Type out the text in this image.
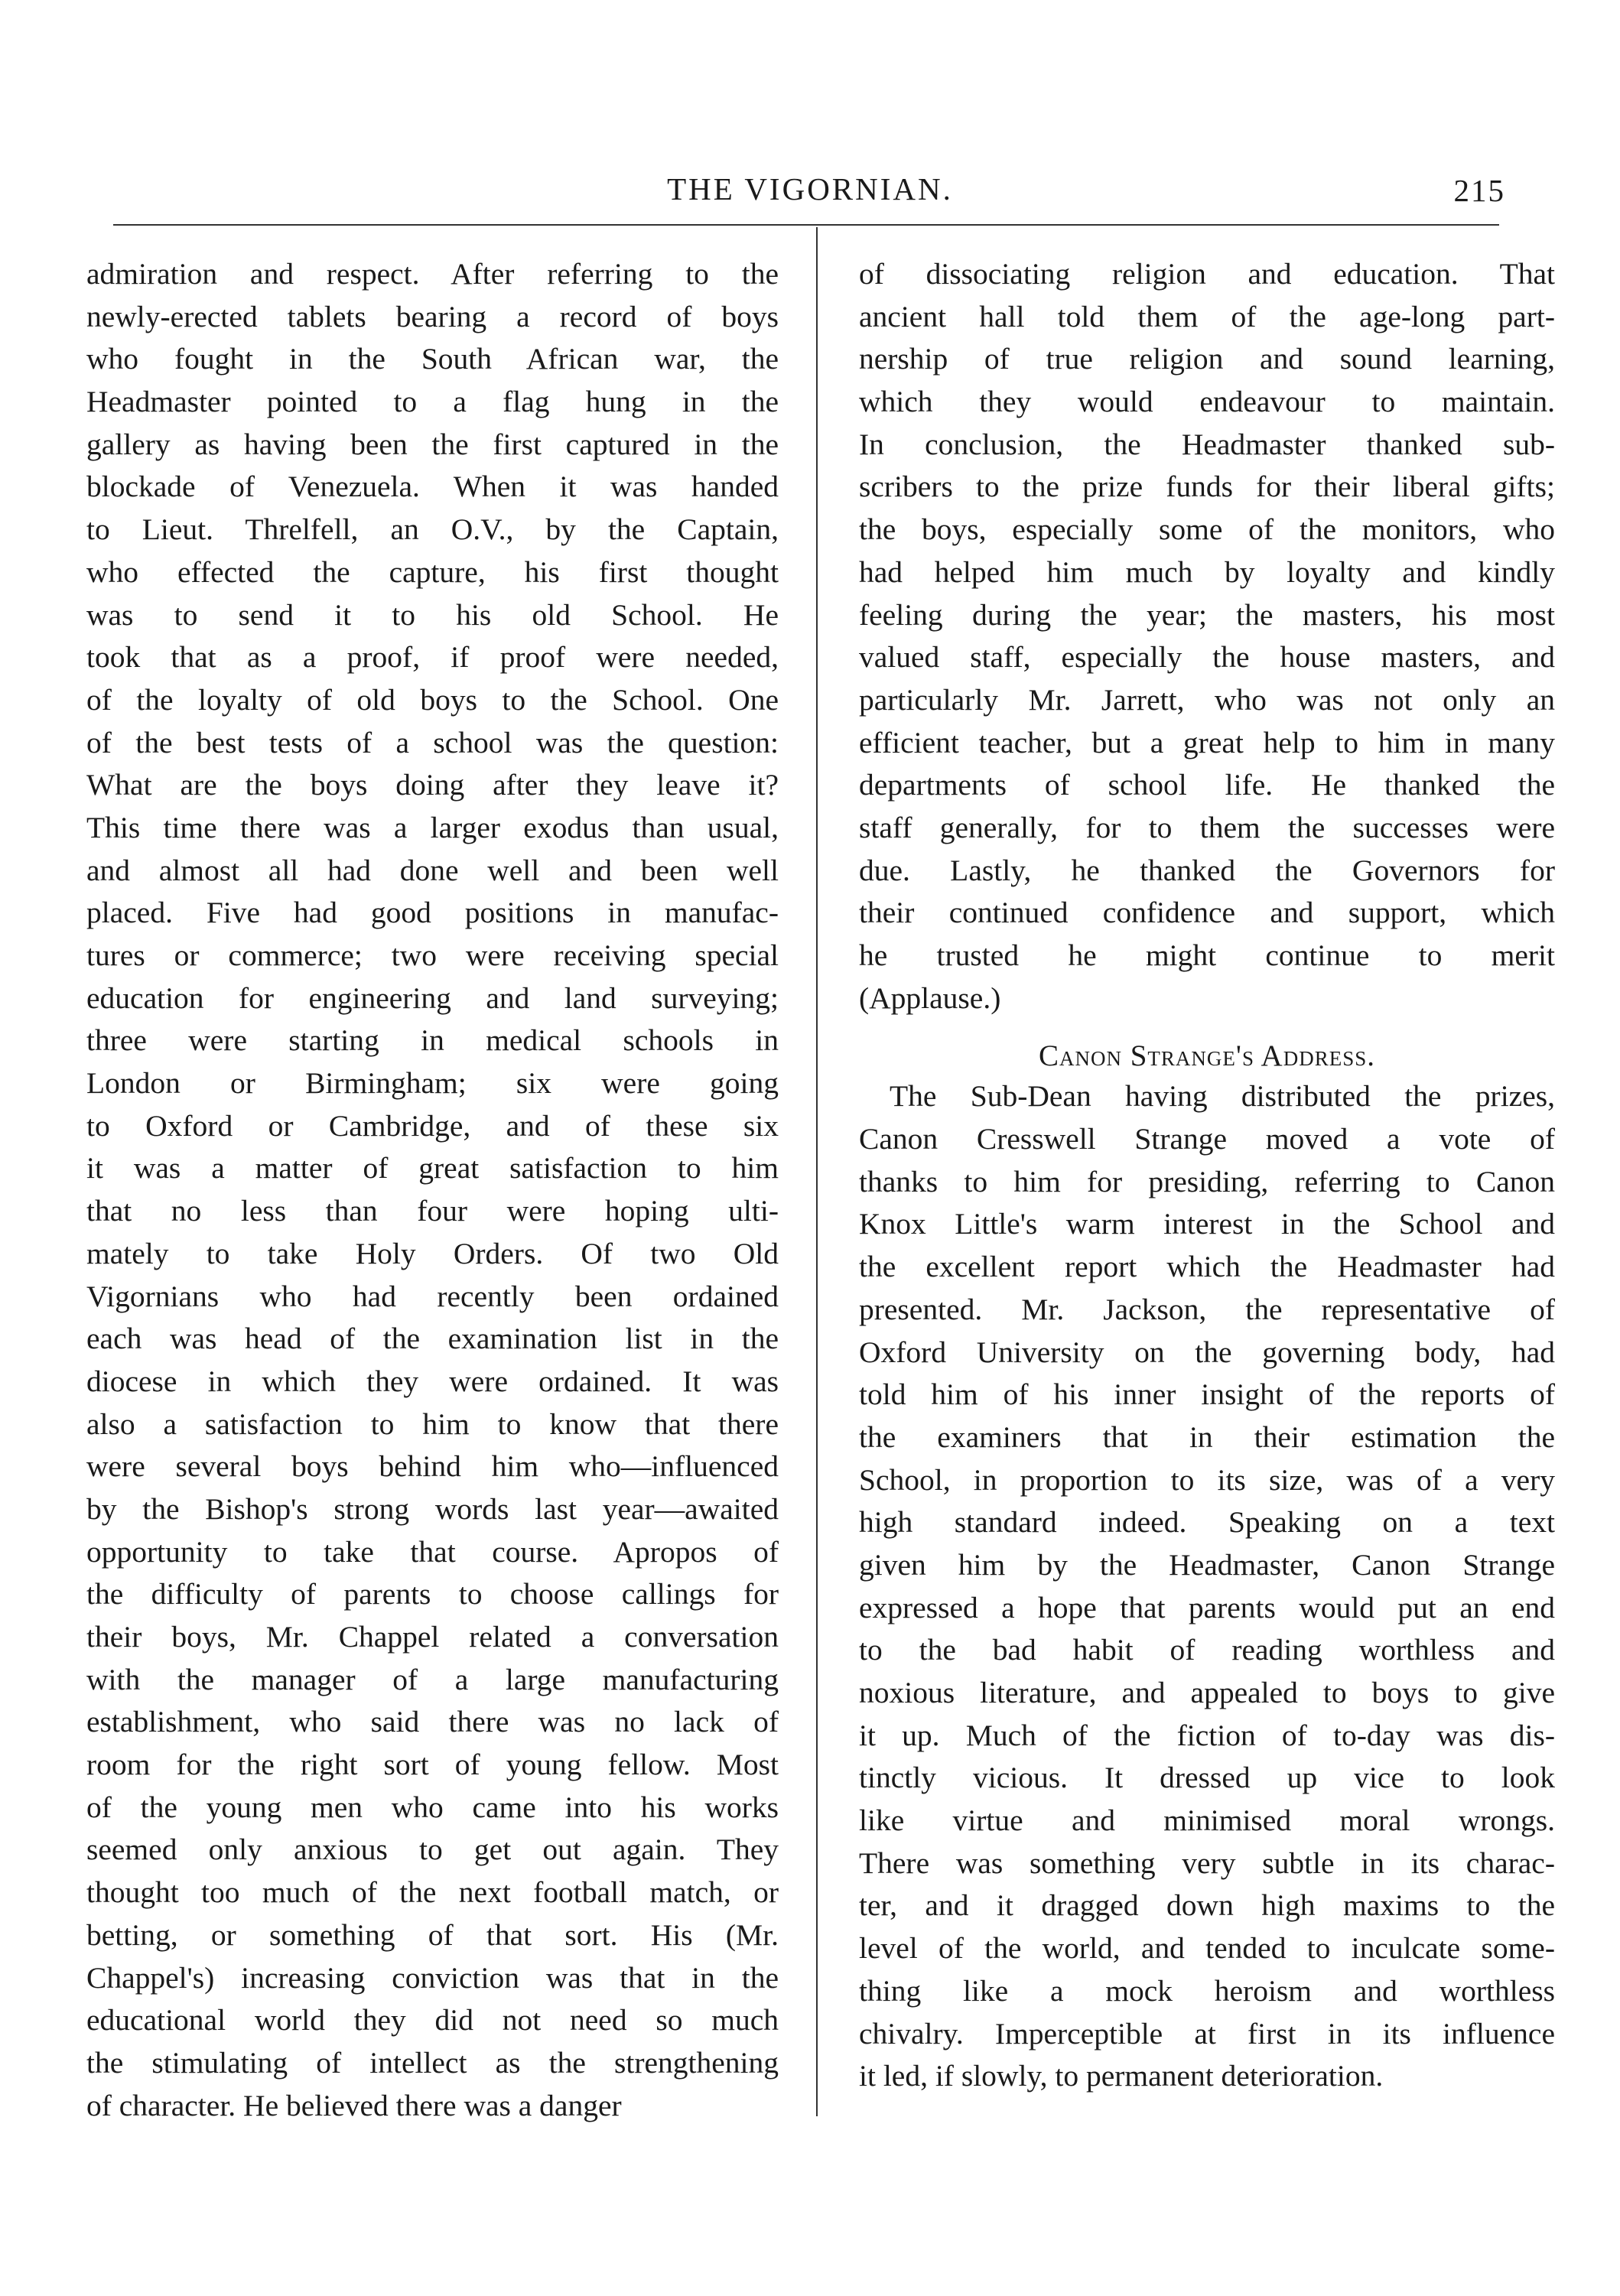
THE VIGORNIAN.	215
admiration and respect. After referring to the
newly-erected tablets bearing a record of boys
who fought in the South African war, the
Headmaster pointed to a flag hung in the
gallery as having been the first captured in the
blockade of Venezuela. When it was handed
to Lieut. Threlfell, an O.V., by the Captain,
who effected the capture, his first thought
was to send it to his old School. He
took that as a proof, if proof were needed,
of the loyalty of old boys to the School. One
of the best tests of a school was the question:
What are the boys doing after they leave it?
This time there was a larger exodus than usual,
and almost all had done well and been well
placed. Five had good positions in manufac-
tures or commerce; two were receiving special
education for engineering and land surveying;
three were starting in medical schools in
London or Birmingham; six were going
to Oxford or Cambridge, and of these six
it was a matter of great satisfaction to him
that no less than four were hoping ulti-
mately to take Holy Orders. Of two Old
Vigornians who had recently been ordained
each was head of the examination list in the
diocese in which they were ordained. It was
also a satisfaction to him to know that there
were several boys behind him who—influenced
by the Bishop's strong words last year—awaited
opportunity to take that course. Apropos of
the difficulty of parents to choose callings for
their boys, Mr. Chappel related a conversation
with the manager of a large manufacturing
establishment, who said there was no lack of
room for the right sort of young fellow. Most
of the young men who came into his works
seemed only anxious to get out again. They
thought too much of the next football match, or
betting, or something of that sort. His (Mr.
Chappel's) increasing conviction was that in the
educational world they did not need so much
the stimulating of intellect as the strengthening
of character. He believed there was a danger
of dissociating religion and education. That
ancient hall told them of the age-long part-
nership of true religion and sound learning,
which they would endeavour to maintain.
In conclusion, the Headmaster thanked sub-
scribers to the prize funds for their liberal gifts;
the boys, especially some of the monitors, who
had helped him much by loyalty and kindly
feeling during the year; the masters, his most
valued staff, especially the house masters, and
particularly Mr. Jarrett, who was not only an
efficient teacher, but a great help to him in many
departments of school life. He thanked the
staff generally, for to them the successes were
due. Lastly, he thanked the Governors for
their continued confidence and support, which
he trusted he might continue to merit
(Applause.)
Canon Strange's Address.
The Sub-Dean having distributed the prizes,
Canon Cresswell Strange moved a vote of
thanks to him for presiding, referring to Canon
Knox Little's warm interest in the School and
the excellent report which the Headmaster had
presented. Mr. Jackson, the representative of
Oxford University on the governing body, had
told him of his inner insight of the reports of
the examiners that in their estimation the
School, in proportion to its size, was of a very
high standard indeed. Speaking on a text
given him by the Headmaster, Canon Strange
expressed a hope that parents would put an end
to the bad habit of reading worthless and
noxious literature, and appealed to boys to give
it up. Much of the fiction of to-day was dis-
tinctly vicious. It dressed up vice to look
like virtue and minimised moral wrongs.
There was something very subtle in its charac-
ter, and it dragged down high maxims to the
level of the world, and tended to inculcate some-
thing like a mock heroism and worthless
chivalry. Imperceptible at first in its influence
it led, if slowly, to permanent deterioration.
